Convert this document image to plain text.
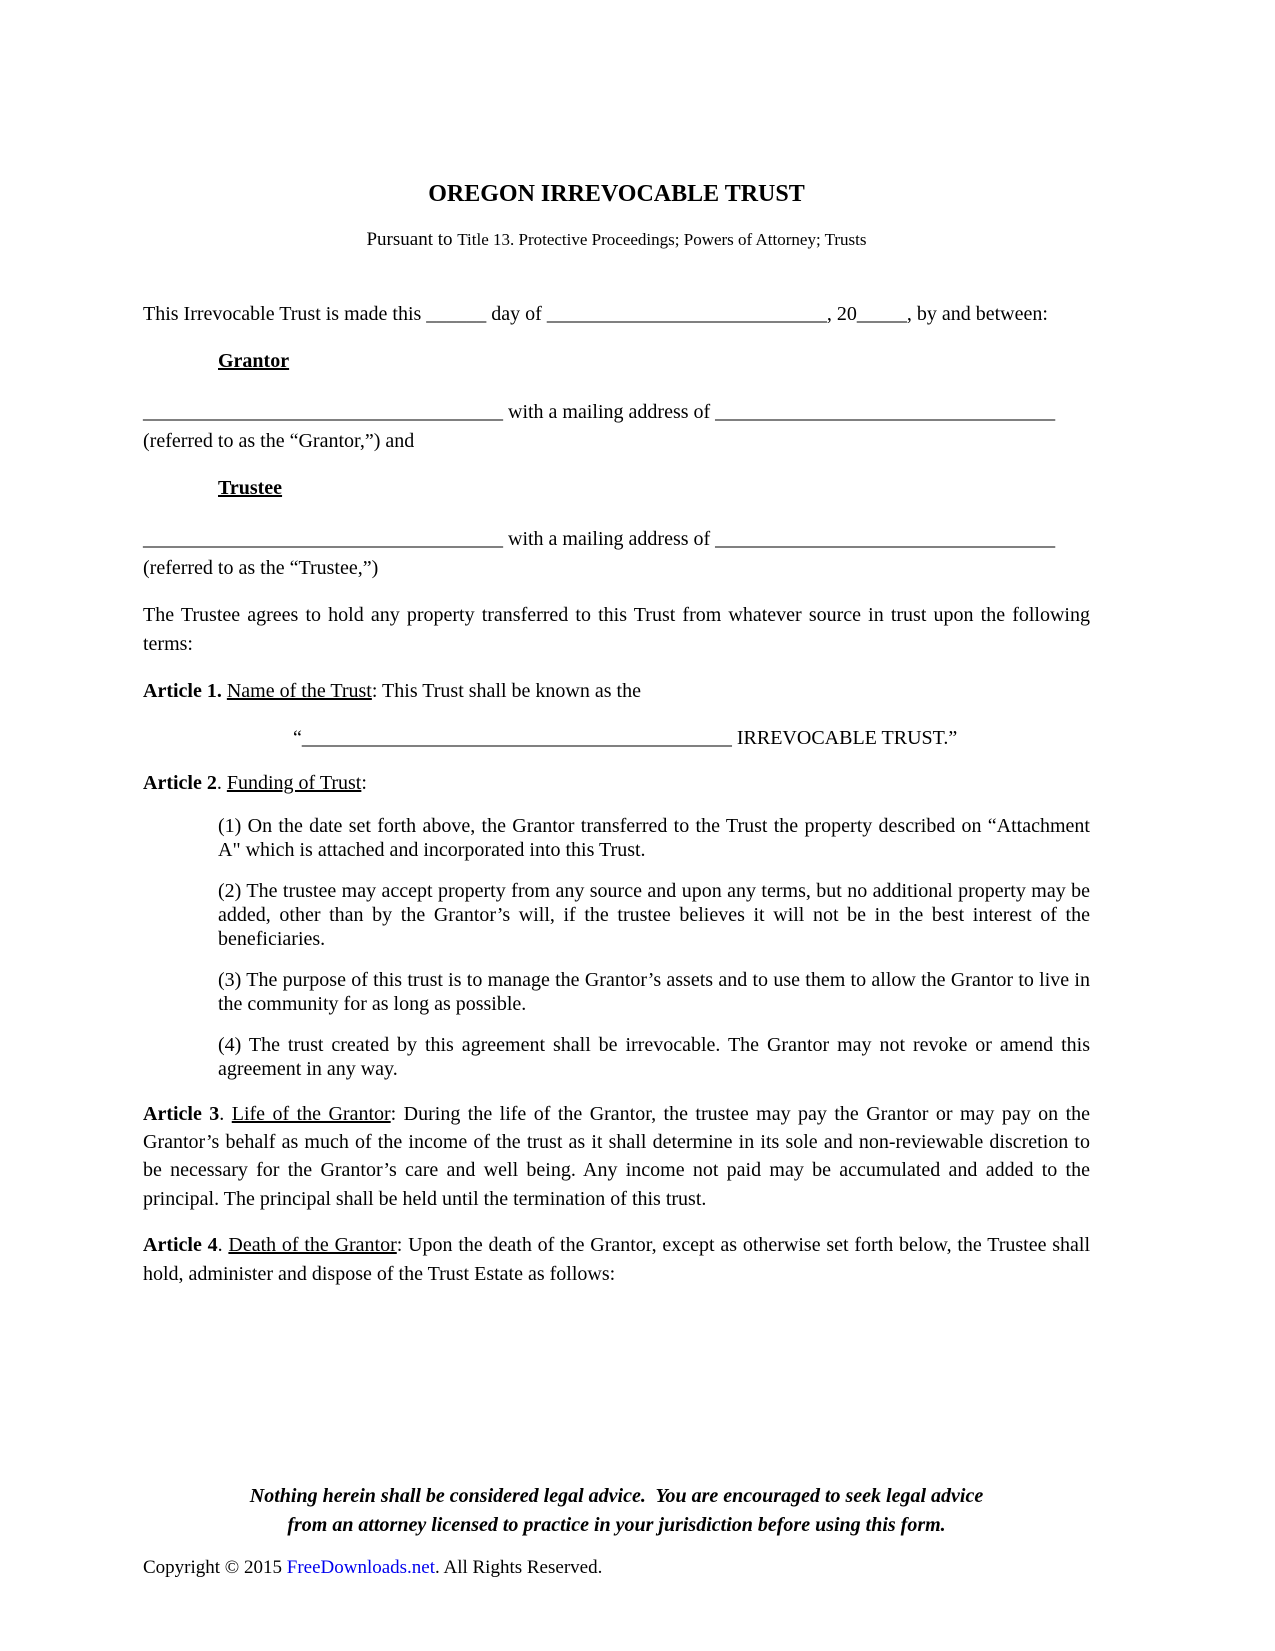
OREGON IRREVOCABLE TRUST

Pursuant to Title 13. Protective Proceedings; Powers of Attorney; Trusts

This Irrevocable Trust is made this ______ day of ____________________________, 20_____, by and between:

Grantor
____________________________________ with a mailing address of __________________________________
(referred to as the “Grantor,”) and
Trustee
____________________________________ with a mailing address of __________________________________
(referred to as the “Trustee,”)

The Trustee agrees to hold any property transferred to this Trust from whatever source in trust upon the following terms:

Article 1. Name of the Trust: This Trust shall be known as the

“___________________________________________ IRREVOCABLE TRUST.”

Article 2. Funding of Trust:

(1) On the date set forth above, the Grantor transferred to the Trust the property described on “Attachment A" which is attached and incorporated into this Trust.

(2) The trustee may accept property from any source and upon any terms, but no additional property may be added, other than by the Grantor’s will, if the trustee believes it will not be in the best interest of the beneficiaries.

(3) The purpose of this trust is to manage the Grantor’s assets and to use them to allow the Grantor to live in the community for as long as possible.

(4) The trust created by this agreement shall be irrevocable. The Grantor may not revoke or amend this agreement in any way.

Article 3. Life of the Grantor: During the life of the Grantor, the trustee may pay the Grantor or may pay on the Grantor’s behalf as much of the income of the trust as it shall determine in its sole and non-reviewable discretion to be necessary for the Grantor’s care and well being. Any income not paid may be accumulated and added to the principal. The principal shall be held until the termination of this trust.

Article 4. Death of the Grantor: Upon the death of the Grantor, except as otherwise set forth below, the Trustee shall hold, administer and dispose of the Trust Estate as follows:

Nothing herein shall be considered legal advice.  You are encouraged to seek legal advice

from an attorney licensed to practice in your jurisdiction before using this form.

Copyright © 2015 FreeDownloads.net. All Rights Reserved.
